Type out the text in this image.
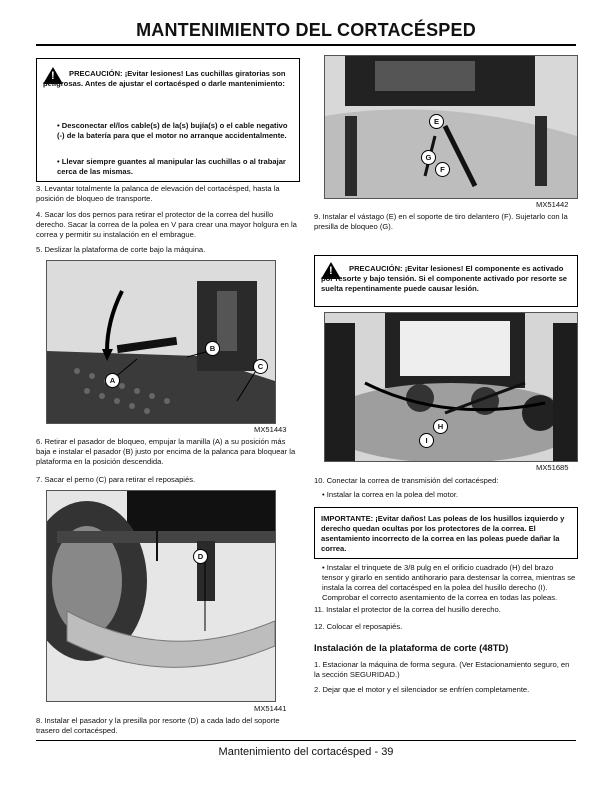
MANTENIMIENTO DEL CORTACÉSPED
!	PRECAUCIÓN: ¡Evitar lesiones! Las cuchillas giratorias son peligrosas. Antes de ajustar el cortacésped o darle mantenimiento:
• Desconectar el/los cable(s) de la(s) bujía(s) o el cable negativo (-) de la batería para que el motor no arranque accidentalmente.
• Llevar siempre guantes al manipular las cuchillas o al trabajar cerca de las mismas.

3. Levantar totalmente la palanca de elevación del cortacésped, hasta la posición de bloqueo de transporte.

4. Sacar los dos pernos para retirar el protector de la correa del husillo derecho. Sacar la correa de la polea en V para crear una mayor holgura en la correa y permitir su instalación en el embrague.

5. Deslizar la plataforma de corte bajo la máquina.

B
C
A
MX51443

6. Retirar el pasador de bloqueo, empujar la manilla (A) a su posición más baja e instalar el pasador (B) justo por encima de la palanca para bloquear la plataforma en la posición descendida.

7. Sacar el perno (C) para retirar el reposapiés.

D
MX51441

8. Instalar el pasador y la presilla por resorte (D) a cada lado del soporte trasero del cortacésped.

E
G
F
MX51442

9. Instalar el vástago (E) en el soporte de tiro delantero (F). Sujetarlo con la presilla de bloqueo (G).

!	PRECAUCIÓN: ¡Evitar lesiones! El componente es activado por resorte y bajo tensión. Si el componente activado por resorte se suelta repentinamente puede causar lesión.
H
I
MX51685

10. Conectar la correa de transmisión del cortacésped:

• Instalar la correa en la polea del motor.

IMPORTANTE: ¡Evitar daños! Las poleas de los husillos izquierdo y derecho quedan ocultas por los protectores de la correa. El asentamiento incorrecto de la correa en las poleas puede dañar la correa.

• Instalar el trinquete de 3/8 pulg en el orificio cuadrado (H) del brazo tensor y girarlo en sentido antihorario para destensar la correa, mientras se instala la correa del cortacésped en la polea del husillo derecho (I). Comprobar el correcto asentamiento de la correa en todas las poleas.

11. Instalar el protector de la correa del husillo derecho.

12. Colocar el reposapiés.

Instalación de la plataforma de corte (48TD)

1. Estacionar la máquina de forma segura. (Ver Estacionamiento seguro, en la sección SEGURIDAD.)

2. Dejar que el motor y el silenciador se enfríen completamente.

Mantenimiento del cortacésped - 39
